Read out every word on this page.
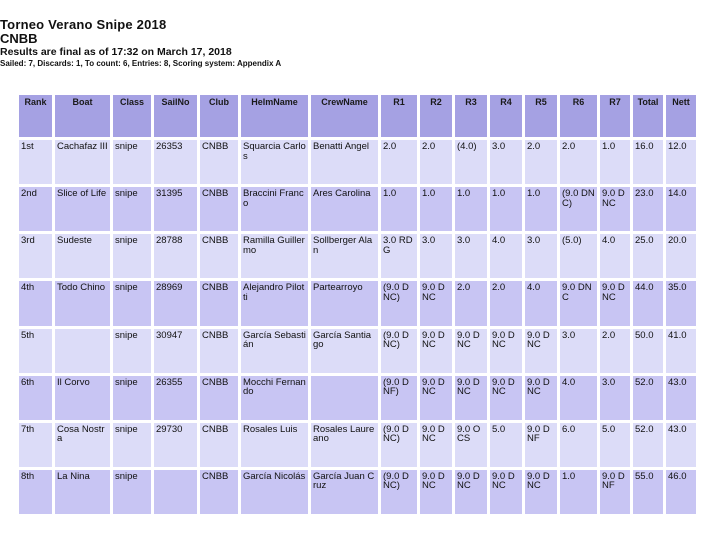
Torneo Verano Snipe 2018
CNBB
Results are final as of 17:32 on March 17, 2018
Sailed: 7, Discards: 1, To count: 6, Entries: 8, Scoring system: Appendix A
Rank	Boat	Class	SailNo	Club	HelmName	CrewName	R1	R2	R3	R4	R5	R6	R7	Total	Nett
1st	Cachafaz III	snipe	26353	CNBB	Squarcia Carlos	Benatti Angel	2.0	2.0	(4.0)	3.0	2.0	2.0	1.0	16.0	12.0
2nd	Slice of Life	snipe	31395	CNBB	Braccini Franco	Ares Carolina	1.0	1.0	1.0	1.0	1.0	(9.0 DNC)	9.0 DNC	23.0	14.0
3rd	Sudeste	snipe	28788	CNBB	Ramilla Guillermo	Sollberger Alan	3.0 RDG	3.0	3.0	4.0	3.0	(5.0)	4.0	25.0	20.0
4th	Todo Chino	snipe	28969	CNBB	Alejandro Pilotti	Partearroyo	(9.0 DNC)	9.0 DNC	2.0	2.0	4.0	9.0 DNC	9.0 DNC	44.0	35.0
5th		snipe	30947	CNBB	García Sebastián	García Santiago	(9.0 DNC)	9.0 DNC	9.0 DNC	9.0 DNC	9.0 DNC	3.0	2.0	50.0	41.0
6th	Il Corvo	snipe	26355	CNBB	Mocchi Fernando		(9.0 DNF)	9.0 DNC	9.0 DNC	9.0 DNC	9.0 DNC	4.0	3.0	52.0	43.0
7th	Cosa Nostra	snipe	29730	CNBB	Rosales Luis	Rosales Laureano	(9.0 DNC)	9.0 DNC	9.0 OCS	5.0	9.0 DNF	6.0	5.0	52.0	43.0
8th	La Nina	snipe		CNBB	García Nicolás	García Juan Cruz	(9.0 DNC)	9.0 DNC	9.0 DNC	9.0 DNC	9.0 DNC	1.0	9.0 DNF	55.0	46.0
